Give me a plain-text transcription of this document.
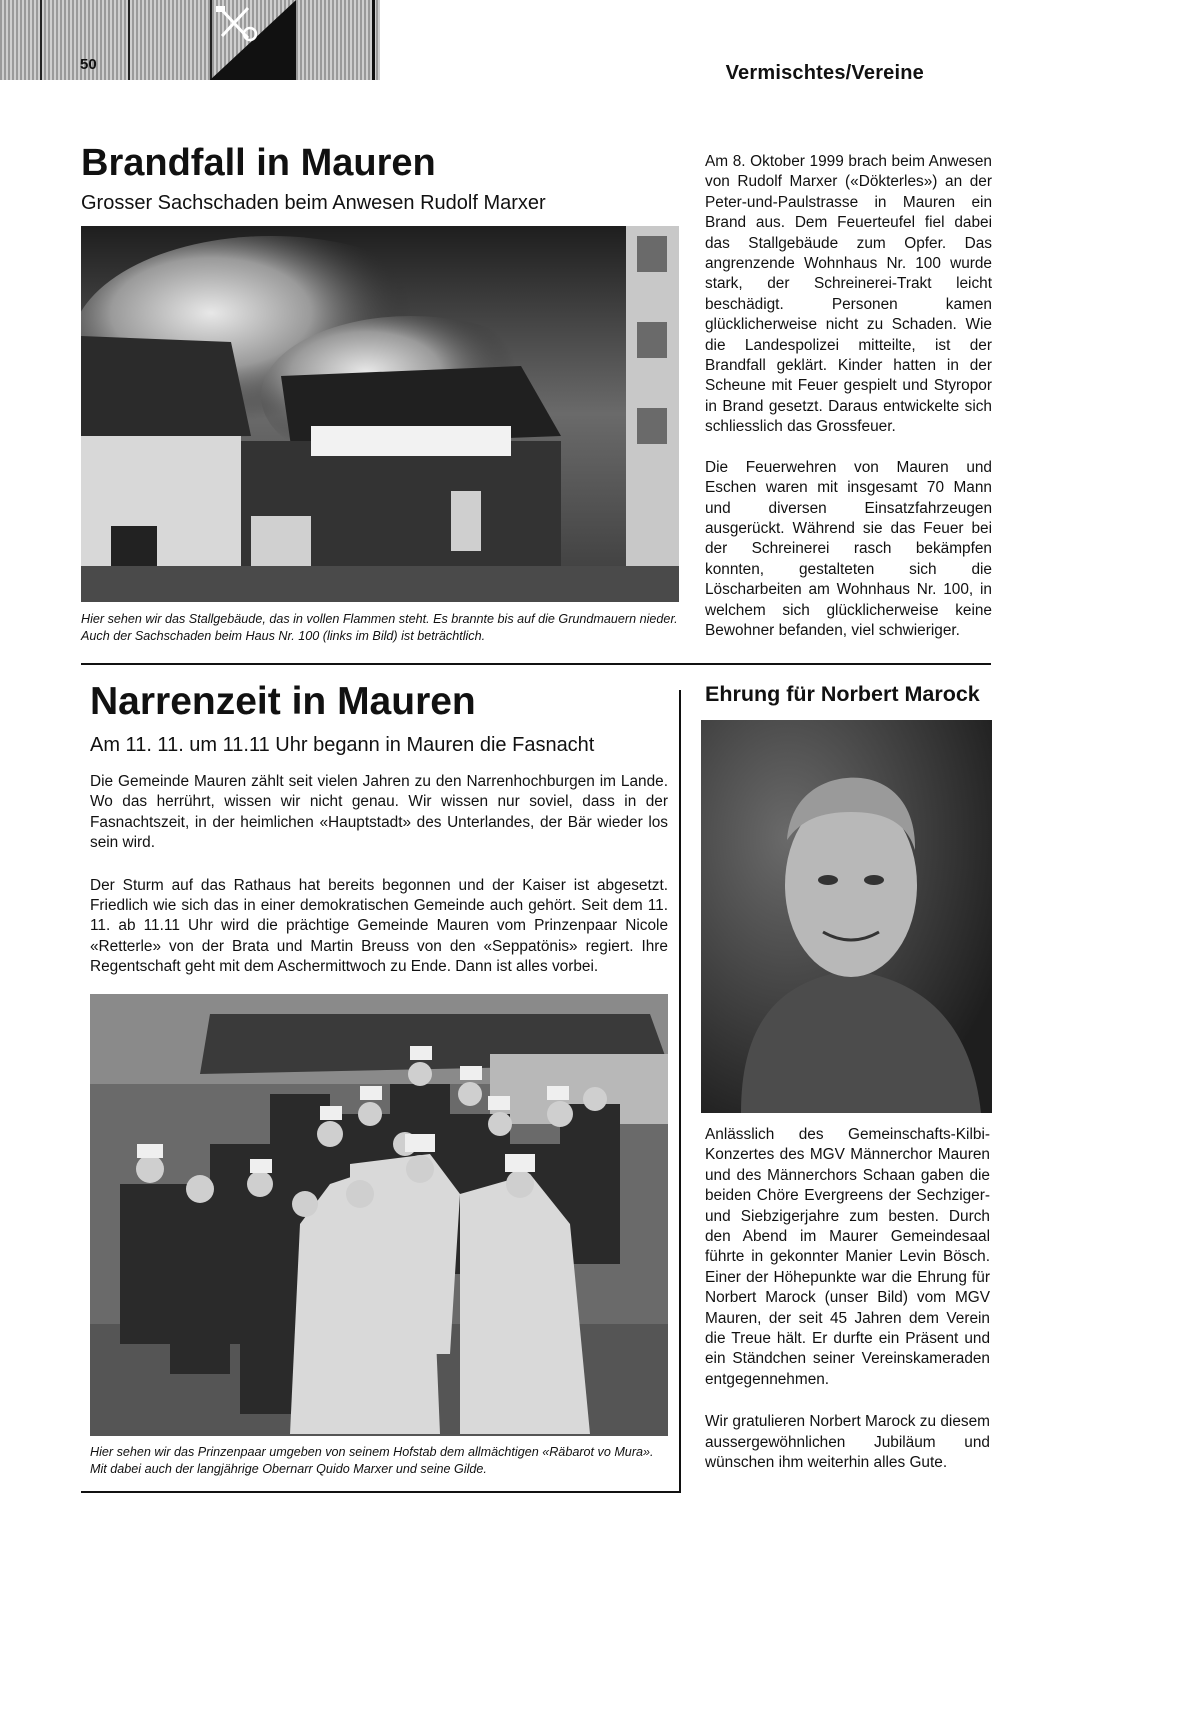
50	Vermischtes/Vereine
Brandfall in Mauren
Grosser Sachschaden beim Anwesen Rudolf Marxer

Hier sehen wir das Stallgebäude, das in vollen Flammen steht. Es brannte bis auf die Grundmauern nieder. Auch der Sachschaden beim Haus Nr. 100 (links im Bild) ist beträchtlich.

Am 8. Oktober 1999 brach beim Anwesen von Rudolf Marxer («Dökterles») an der Peter-und-Paulstrasse in Mauren ein Brand aus. Dem Feuerteufel fiel dabei das Stallgebäude zum Opfer. Das angrenzende Wohnhaus Nr. 100 wurde stark, der Schreinerei-Trakt leicht beschädigt. Personen kamen glücklicherweise nicht zu Schaden. Wie die Landespolizei mitteilte, ist der Brandfall geklärt. Kinder hatten in der Scheune mit Feuer gespielt und Styropor in Brand gesetzt. Daraus entwickelte sich schliesslich das Grossfeuer.

Die Feuerwehren von Mauren und Eschen waren mit insgesamt 70 Mann und diversen Einsatzfahrzeugen ausgerückt. Während sie das Feuer bei der Schreinerei rasch bekämpfen konnten, gestalteten sich die Löscharbeiten am Wohnhaus Nr. 100, in welchem sich glücklicherweise keine Bewohner befanden, viel schwieriger.

Narrenzeit in Mauren
Am 11. 11. um 11.11 Uhr begann in Mauren die Fasnacht

Die Gemeinde Mauren zählt seit vielen Jahren zu den Narrenhochburgen im Lande. Wo das herrührt, wissen wir nicht genau. Wir wissen nur soviel, dass in der Fasnachtszeit, in der heimlichen «Hauptstadt» des Unterlandes, der Bär wieder los sein wird.

Der Sturm auf das Rathaus hat bereits begonnen und der Kaiser ist abgesetzt. Friedlich wie sich das in einer demokratischen Gemeinde auch gehört. Seit dem 11. 11. ab 11.11 Uhr wird die prächtige Gemeinde Mauren vom Prinzenpaar Nicole «Retterle» von der Brata und Martin Breuss von den «Seppatönis» regiert. Ihre Regentschaft geht mit dem Aschermittwoch zu Ende. Dann ist alles vorbei.

Hier sehen wir das Prinzenpaar umgeben von seinem Hofstab dem allmächtigen «Räbarot vo Mura». Mit dabei auch der langjährige Obernarr Quido Marxer und seine Gilde.

Ehrung für Norbert Marock

Anlässlich des Gemeinschafts-Kilbi-Konzertes des MGV Männerchor Mauren und des Männerchors Schaan gaben die beiden Chöre Evergreens der Sechziger- und Siebzigerjahre zum besten. Durch den Abend im Maurer Gemeindesaal führte in gekonnter Manier Levin Bösch. Einer der Höhepunkte war die Ehrung für Norbert Marock (unser Bild) vom MGV Mauren, der seit 45 Jahren dem Verein die Treue hält. Er durfte ein Präsent und ein Ständchen seiner Vereinskameraden entgegennehmen.

Wir gratulieren Norbert Marock zu diesem aussergewöhnlichen Jubiläum und wünschen ihm weiterhin alles Gute.
